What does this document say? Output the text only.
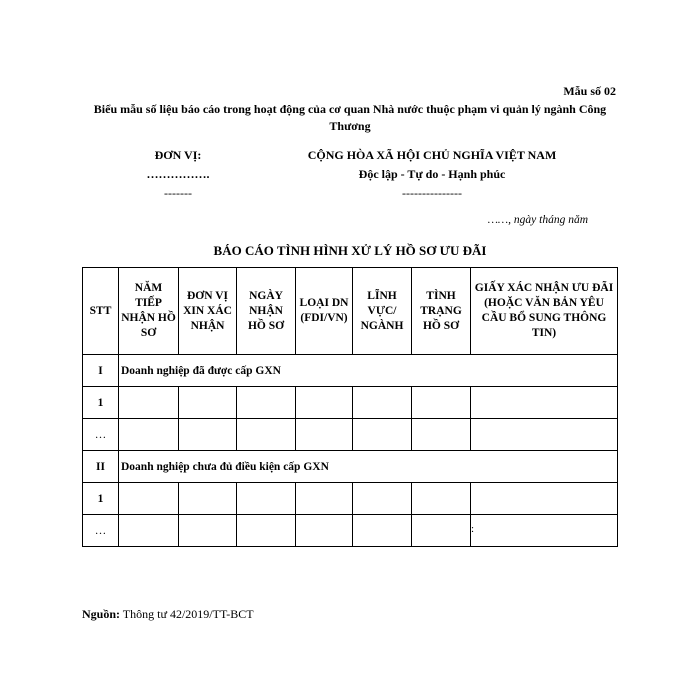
Mẫu số 02
Biểu mẫu số liệu báo cáo trong hoạt động của cơ quan Nhà nước thuộc phạm vi quản lý ngành Công Thương
ĐƠN VỊ:
…………….
-------
CỘNG HÒA XÃ HỘI CHỦ NGHĨA VIỆT NAM
Độc lập - Tự do - Hạnh phúc
---------------
……, ngày tháng năm
BÁO CÁO TÌNH HÌNH XỬ LÝ HỒ SƠ ƯU ĐÃI
STT	NĂM TIẾP NHẬN HỒ SƠ	ĐƠN VỊ XIN XÁC NHẬN	NGÀY NHẬN HỒ SƠ	LOẠI DN (FDI/VN)	LĨNH VỰC/ NGÀNH	TÌNH TRẠNG HỒ SƠ	GIẤY XÁC NHẬN ƯU ĐÃI (HOẶC VĂN BẢN YÊU CẦU BỔ SUNG THÔNG TIN)
I	Doanh nghiệp đã được cấp GXN						
1							
…							
II	Doanh nghiệp chưa đủ điều kiện cấp GXN						
1							
…							:
Nguồn: Thông tư 42/2019/TT-BCT
